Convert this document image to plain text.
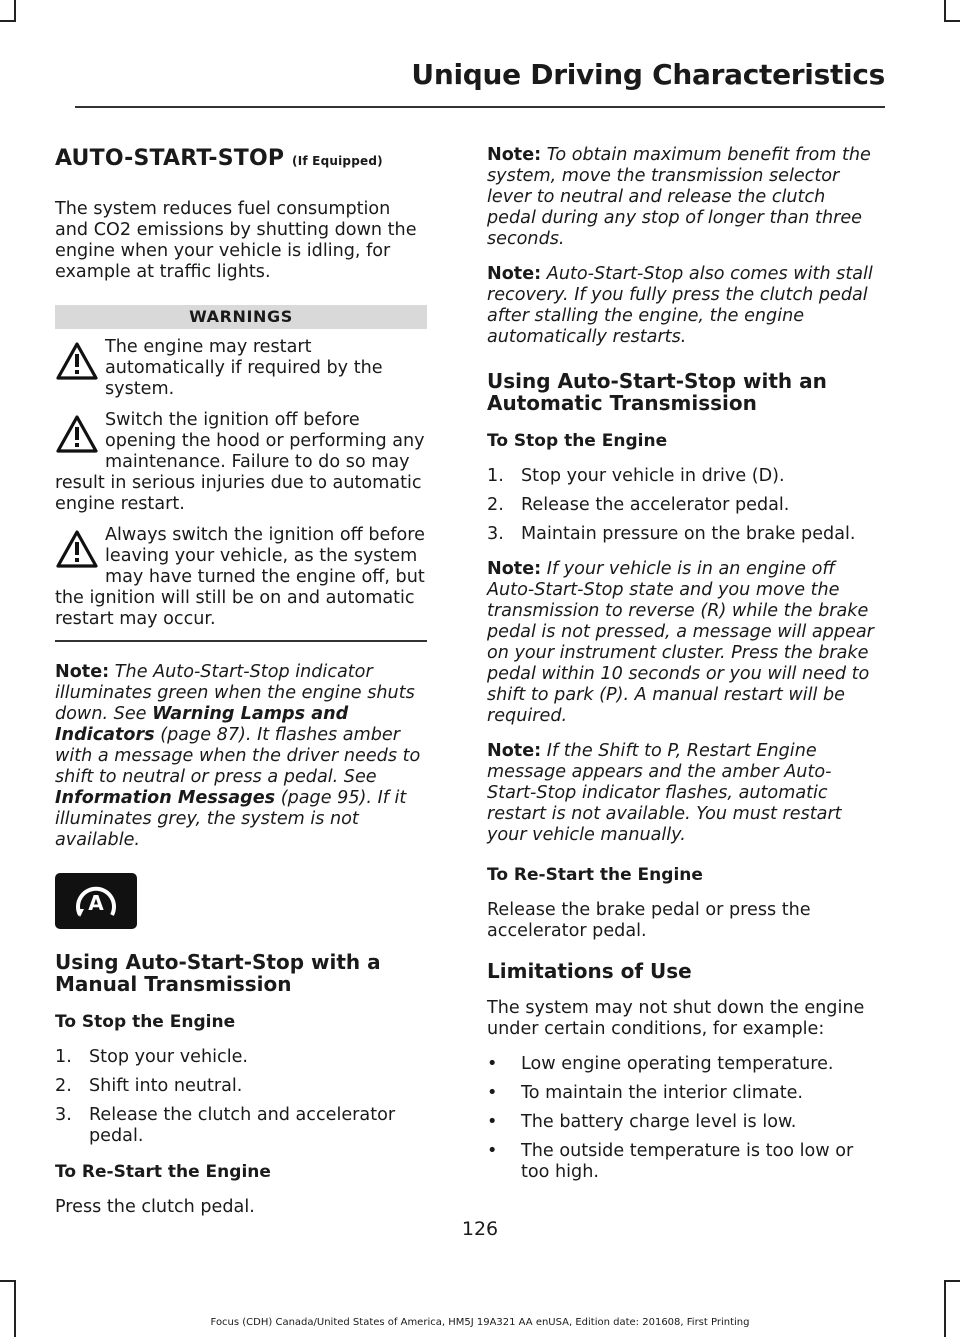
Unique Driving Characteristics
AUTO-START-STOP (If Equipped)

The system reduces fuel consumption and CO2 emissions by shutting down the engine when your vehicle is idling, for example at traffic lights.

WARNINGS
The engine may restart automatically if required by the system.
Switch the ignition off before opening the hood or performing any maintenance. Failure to do so may result in serious injuries due to automatic engine restart.
Always switch the ignition off before leaving your vehicle, as the system may have turned the engine off, but the ignition will still be on and automatic restart may occur.

Note: The Auto-Start-Stop indicator illuminates green when the engine shuts down. See Warning Lamps and Indicators (page 87). It flashes amber with a message when the driver needs to shift to neutral or press a pedal. See Information Messages (page 95). If it illuminates grey, the system is not available.

A
Using Auto-Start-Stop with a Manual Transmission
To Stop the Engine
1. Stop your vehicle.
2. Shift into neutral.
3. Release the clutch and accelerator pedal.
To Re-Start the Engine

Press the clutch pedal.

Note: To obtain maximum benefit from the system, move the transmission selector lever to neutral and release the clutch pedal during any stop of longer than three seconds.

Note: Auto-Start-Stop also comes with stall recovery. If you fully press the clutch pedal after stalling the engine, the engine automatically restarts.

Using Auto-Start-Stop with an Automatic Transmission
To Stop the Engine
1. Stop your vehicle in drive (D).
2. Release the accelerator pedal.
3. Maintain pressure on the brake pedal.

Note: If your vehicle is in an engine off Auto-Start-Stop state and you move the transmission to reverse (R) while the brake pedal is not pressed, a message will appear on your instrument cluster. Press the brake pedal within 10 seconds or you will need to shift to park (P). A manual restart will be required.

Note: If the Shift to P, Restart Engine message appears and the amber Auto-Start-Stop indicator flashes, automatic restart is not available. You must restart your vehicle manually.

To Re-Start the Engine

Release the brake pedal or press the accelerator pedal.

Limitations of Use

The system may not shut down the engine under certain conditions, for example:

• Low engine operating temperature.
• To maintain the interior climate.
• The battery charge level is low.
• The outside temperature is too low or too high.
126
Focus (CDH) Canada/United States of America, HM5J 19A321 AA enUSA, Edition date: 201608, First Printing
